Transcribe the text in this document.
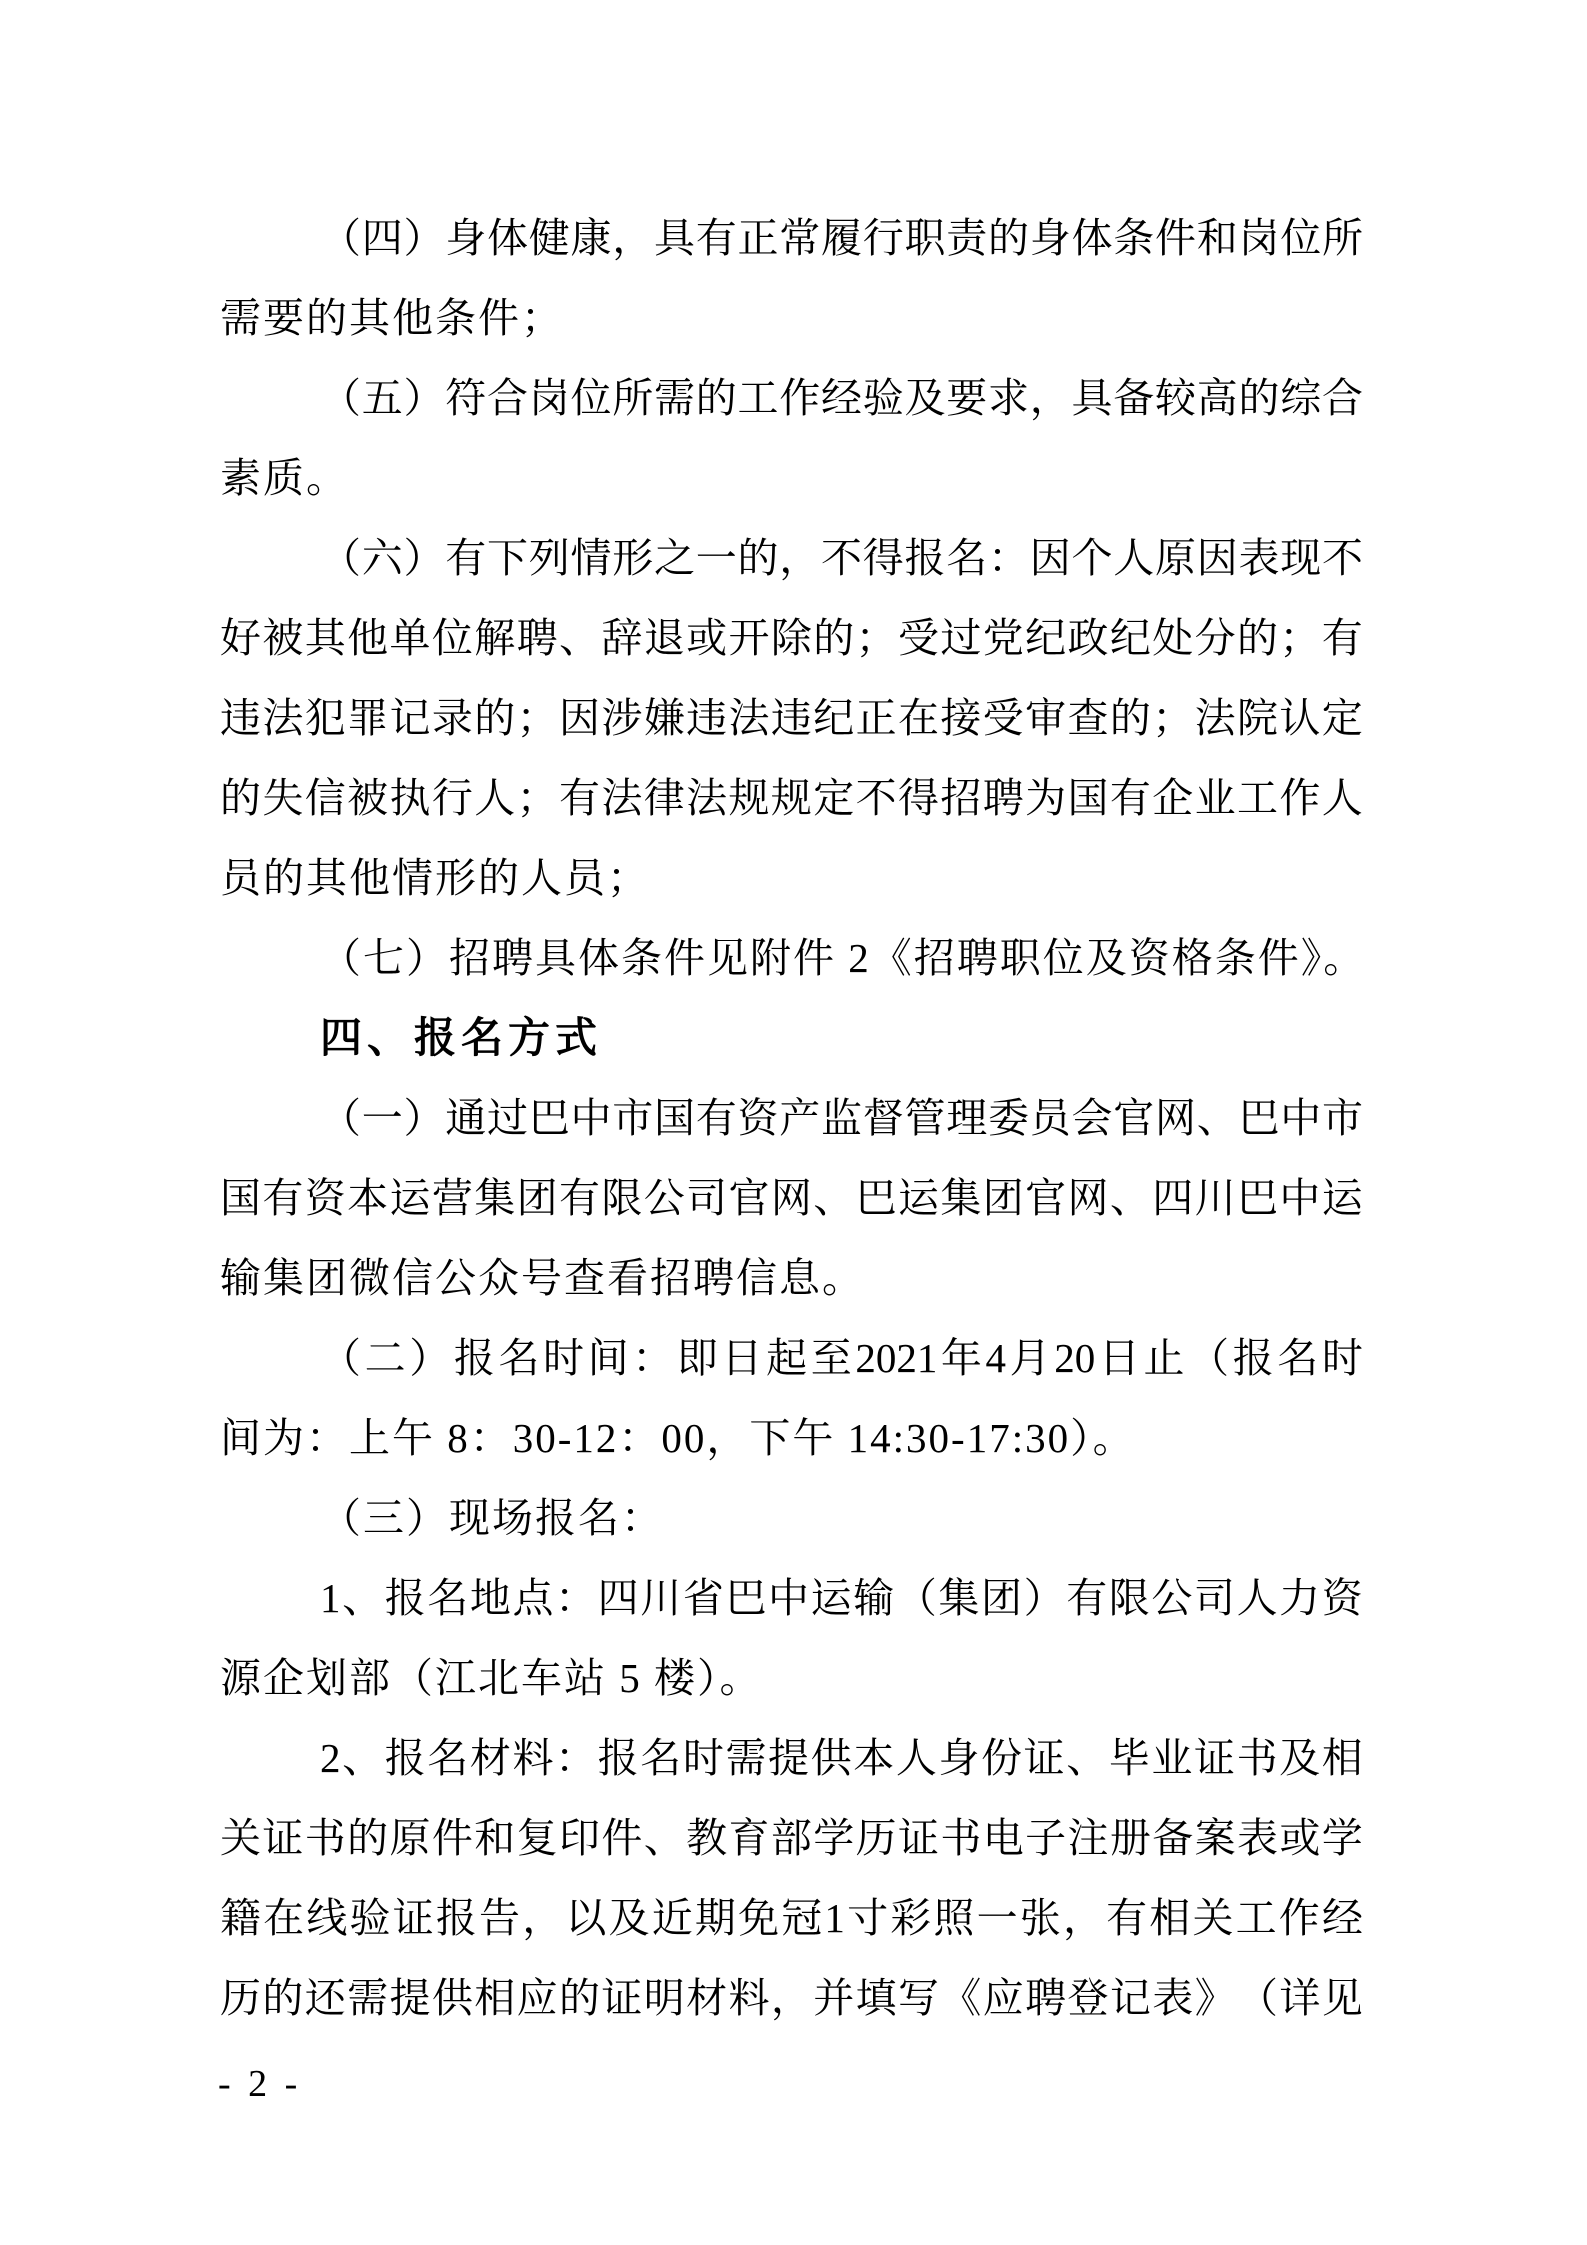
（ 四 ） 身 体 健 康 ， 具 有 正 常 履 行 职 责 的 身 体 条 件 和 岗 位 所
需要的其他条件；
（ 五 ） 符 合 岗 位 所 需 的 工 作 经 验 及 要 求 ， 具 备 较 高 的 综 合
素质。
（ 六 ） 有 下 列 情 形 之 一 的 ， 不 得 报 名 ： 因 个 人 原 因 表 现 不
好 被 其 他 单 位 解 聘 、 辞 退 或 开 除 的 ； 受 过 党 纪 政 纪 处 分 的 ； 有
违 法 犯 罪 记 录 的 ； 因 涉 嫌 违 法 违 纪 正 在 接 受 审 查 的 ； 法 院 认 定
的 失 信 被 执 行 人 ； 有 法 律 法 规 规 定 不 得 招 聘 为 国 有 企 业 工 作 人
员的其他情形的人员；
（七）招聘具体条件见附件 2《招聘职位及资格条件》。
四、报名方式
（ 一 ） 通 过 巴 中 市 国 有 资 产 监 督 管 理 委 员 会 官 网 、 巴 中 市
国 有 资 本 运 营 集 团 有 限 公 司 官 网 、 巴 运 集 团 官 网 、 四 川 巴 中 运
输集团微信公众号查看招聘信息。
（ 二 ） 报 名 时 间 ： 即 日 起 至 2021 年 4 月 20 日 止 （ 报 名 时
间为：上午 8：30-12：00，下午 14:30-17:30）。
（三）现场报名：
1 、 报 名 地 点 ： 四 川 省 巴 中 运 输 （ 集 团 ） 有 限 公 司 人 力 资
源企划部（江北车站 5 楼）。
2 、 报 名 材 料 ： 报 名 时 需 提 供 本 人 身 份 证 、 毕 业 证 书 及 相
关 证 书 的 原 件 和 复 印 件 、 教 育 部 学 历 证 书 电 子 注 册 备 案 表 或 学
籍 在 线 验 证 报 告 ， 以 及 近 期 免 冠 1 寸 彩 照 一 张 ， 有 相 关 工 作 经
历 的 还 需 提 供 相 应 的 证 明 材 料 ， 并 填 写 《 应 聘 登 记 表 》 （ 详 见
- 2 -
